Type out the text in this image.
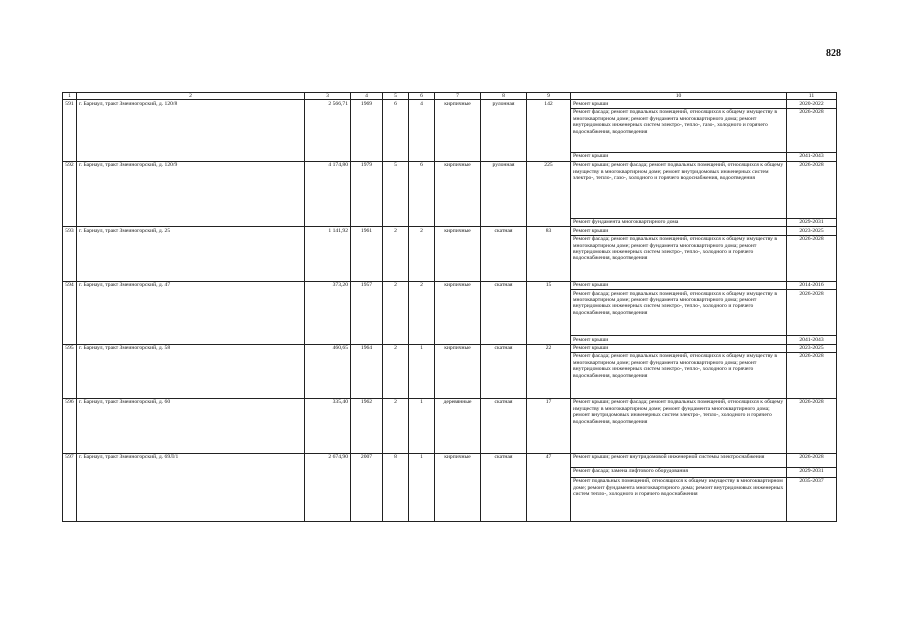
828
1	2	3	4	5	6	7	8	9	10	11
591	г. Барнаул, тракт Змеиногорский, д. 120/8	2 566,71	1969	6	4	кирпичные	рулонная	142	Ремонт крыши	2020-2022
									Ремонт фасада; ремонт подвальных помещений, относящихся к общему имуществу в многоквартирном доме; ремонт фундамента многоквартирного дома; ремонт внутридомовых инженерных систем электро-, тепло-, газо-, холодного и горячего водоснабжения, водоотведения	2026-2028
									Ремонт крыши	2041-2043
592	г. Барнаул, тракт Змеиногорский, д. 120/9	4 174,80	1979	5	6	кирпичные	рулонная	225	Ремонт крыши; ремонт фасада; ремонт подвальных помещений, относящихся к общему имуществу в многоквартирном доме; ремонт внутридомовых инженерных систем электро-, тепло-, газо-, холодного и горячего водоснабжения, водоотведения	2026-2028
									Ремонт фундамента многоквартирного дома	2029-2031
593	г. Барнаул, тракт Змеиногорский, д. 25	1 141,92	1961	2	2	кирпичные	скатная	83	Ремонт крыши	2023-2025
									Ремонт фасада; ремонт подвальных помещений, относящихся к общему имуществу в многоквартирном доме; ремонт фундамента многоквартирного дома; ремонт внутридомовых инженерных систем электро-, тепло-, холодного и горячего водоснабжения, водоотведения	2026-2028
594	г. Барнаул, тракт Змеиногорский, д. 47	373,20	1957	2	2	кирпичные	скатная	15	Ремонт крыши	2014-2016
									Ремонт фасада; ремонт подвальных помещений, относящихся к общему имуществу в многоквартирном доме; ремонт фундамента многоквартирного дома; ремонт внутридомовых инженерных систем электро-, тепло-, холодного и горячего водоснабжения, водоотведения	2026-2028
									Ремонт крыши	2041-2043
595	г. Барнаул, тракт Змеиногорский, д. 58	460,65	1964	2	1	кирпичные	скатная	22	Ремонт крыши	2023-2025
									Ремонт фасада; ремонт подвальных помещений, относящихся к общему имуществу в многоквартирном доме; ремонт фундамента многоквартирного дома; ремонт внутридомовых инженерных систем электро-, тепло-, холодного и горячего водоснабжения, водоотведения	2026-2028
596	г. Барнаул, тракт Змеиногорский, д. 60	335,40	1962	2	1	деревянные	скатная	17	Ремонт крыши; ремонт фасада; ремонт подвальных помещений, относящихся к общему имуществу в многоквартирном доме; ремонт фундамента многоквартирного дома; ремонт внутридомовых инженерных систем электро-, тепло-, холодного и горячего водоснабжения, водоотведения	2026-2028
597	г. Барнаул, тракт Змеиногорский, д. 69Л/1	2 674,90	2007	8	1	кирпичные	скатная	47	Ремонт крыши; ремонт внутридомовой инженерной системы электроснабжения	2026-2028
									Ремонт фасада; замена лифтового оборудования	2029-2031
									Ремонт подвальных помещений, относящихся к общему имуществу в многоквартирном доме; ремонт фундамента многоквартирного дома; ремонт внутридомовых инженерных систем тепло-, холодного и горячего водоснабжения	2035-2037
